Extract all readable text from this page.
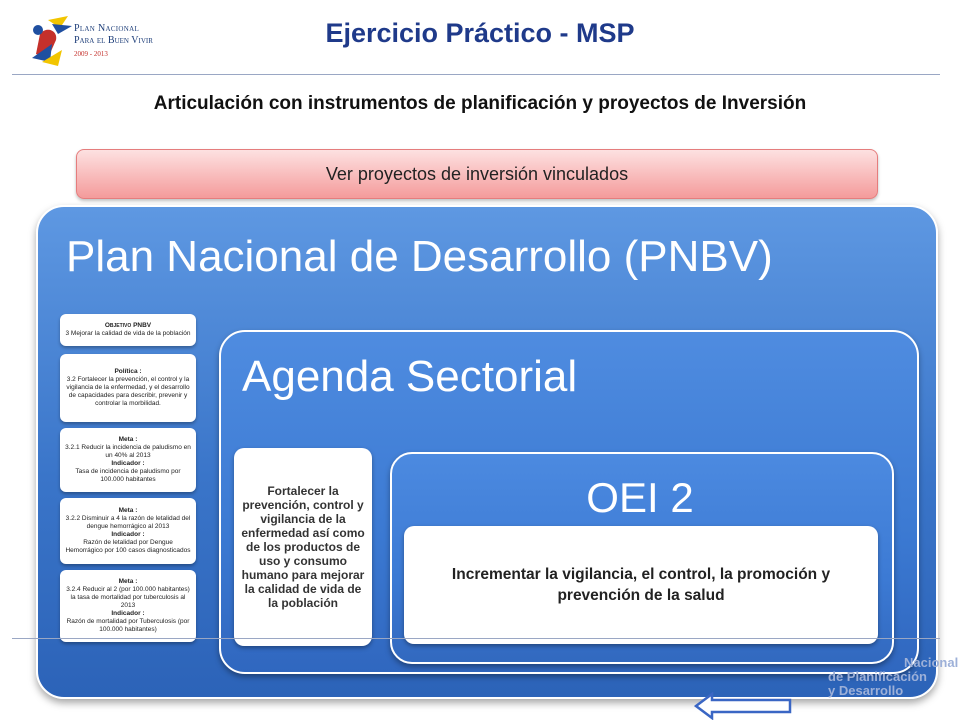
Plan Nacional
Para el Buen Vivir
2009 - 2013
Ejercicio Práctico - MSP
Articulación con instrumentos de planificación y proyectos de Inversión
Ver proyectos de inversión vinculados
Plan Nacional de Desarrollo (PNBV)
Objetivo PNBV
3 Mejorar la calidad de vida de la población
Política :
3.2 Fortalecer la prevención, el control y la vigilancia de la enfermedad, y el desarrollo de capacidades para describir, prevenir y controlar la morbilidad.
Meta :
3.2.1 Reducir la incidencia de paludismo en un 40% al 2013
Indicador :
Tasa de incidencia de paludismo por 100.000 habitantes
Meta :
3.2.2 Disminuir a 4 la razón de letalidad del dengue hemorrágico al 2013
Indicador :
Razón de letalidad por Dengue Hemorrágico por 100 casos diagnosticados
Meta :
3.2.4 Reducir al 2 (por 100.000 habitantes) la tasa de mortalidad por tuberculosis al 2013
Indicador :
Razón de mortalidad por Tuberculosis (por 100.000 habitantes)
Agenda Sectorial
Fortalecer la prevención, control y vigilancia de la enfermedad así como de los productos de uso y consumo humano para mejorar la calidad de vida de la población
OEI 2
Incrementar la vigilancia, el control, la promoción y prevención de la salud
Nacional
de Planificación
y Desarrollo
